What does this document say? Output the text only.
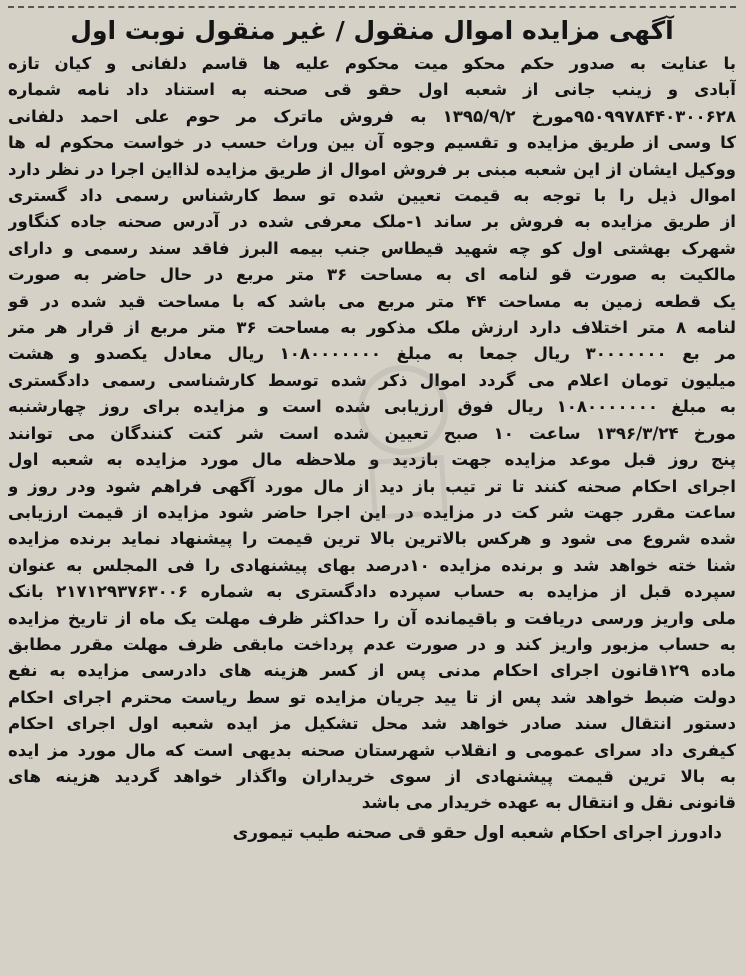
آگهی مزایده اموال منقول / غیر منقول نوبت اول
با عنایت به صدور حکم محکو میت محکوم علیه ها قاسم دلفانی و کیان تازه
آبادی و زینب جانی از شعبه اول حقو قی صحنه به استناد داد نامه شماره
۹۵۰۹۹۷۸۴۴۰۳۰۰۶۲۸مورخ ۱۳۹۵/۹/۲ به فروش ماترک مر حوم علی احمد دلفانی
کا وسی از طریق مزایده و تقسیم وجوه آن بین وراث حسب در خواست محکوم له ها
ووکیل ایشان از این شعبه مبنی بر فروش اموال از طریق مزایده لذااین اجرا در نظر دارد
اموال ذیل را با توجه به قیمت تعیین شده تو سط کارشناس رسمی داد گستری
از طریق مزایده به فروش بر ساند ۱-ملک معرفی شده در آدرس صحنه جاده کنگاور
شهرک بهشتی اول کو چه شهید قیطاس جنب بیمه البرز فاقد سند رسمی و دارای
مالکیت به صورت قو لنامه ای به مساحت ۳۶ متر مربع در حال حاضر به صورت
یک قطعه زمین به مساحت ۴۴ متر مربع می باشد که با مساحت قید شده در قو
لنامه ۸ متر اختلاف دارد ارزش ملک مذکور به مساحت ۳۶ متر مربع از قرار هر متر
مر بع ۳۰۰۰۰۰۰۰ ریال جمعا به مبلغ ۱۰۸۰۰۰۰۰۰۰ ریال معادل یکصدو و هشت
میلیون تومان اعلام می گردد اموال ذکر شده توسط کارشناسی رسمی دادگستری
به مبلغ ۱۰۸۰۰۰۰۰۰۰ ریال فوق ارزیابی شده است و مزایده برای روز چهارشنبه
مورخ ۱۳۹۶/۳/۲۴ ساعت ۱۰ صبح تعیین شده است شر کتت کنندگان می توانند
پنج روز قبل موعد مزایده جهت بازدید و ملاحظه مال مورد مزایده به شعبه اول
اجرای احکام صحنه کنند تا تر تیب باز دید از مال مورد آگهی فراهم شود ودر روز و
ساعت مقرر جهت شر کت در مزایده در این اجرا حاضر شود مزایده از قیمت ارزیابی
شده شروع می شود و هرکس بالاترین بالا ترین قیمت را پیشنهاد نماید برنده مزایده
شنا خته خواهد شد و برنده مزایده ۱۰درصد بهای پیشنهادی را فی المجلس به عنوان
سپرده قبل از مزایده به حساب سپرده دادگستری به شماره ۲۱۷۱۲۹۳۷۶۳۰۰۶ بانک
ملی واریز ورسی دریافت و باقیمانده آن را حداکثر ظرف مهلت یک ماه از تاریخ مزایده
به حساب مزبور واریز کند و در صورت عدم پرداخت مابقی ظرف مهلت مقرر مطابق
ماده ۱۲۹قانون اجرای احکام مدنی پس از کسر هزینه های دادرسی مزایده به نفع
دولت ضبط خواهد شد پس از تا یید جریان مزایده تو سط ریاست محترم اجرای احکام
دستور انتقال سند صادر خواهد شد محل تشکیل مز ایده شعبه اول اجرای احکام
کیفری داد سرای عمومی و انقلاب شهرستان صحنه بدیهی است که مال مورد مز ایده
به بالا ترین قیمت پیشنهادی از سوی خریداران واگذار خواهد گردید هزینه های
قانونی نقل و انتقال به عهده خریدار می باشد
دادورز اجرای احکام شعبه اول حقو قی صحنه طیب تیموری
